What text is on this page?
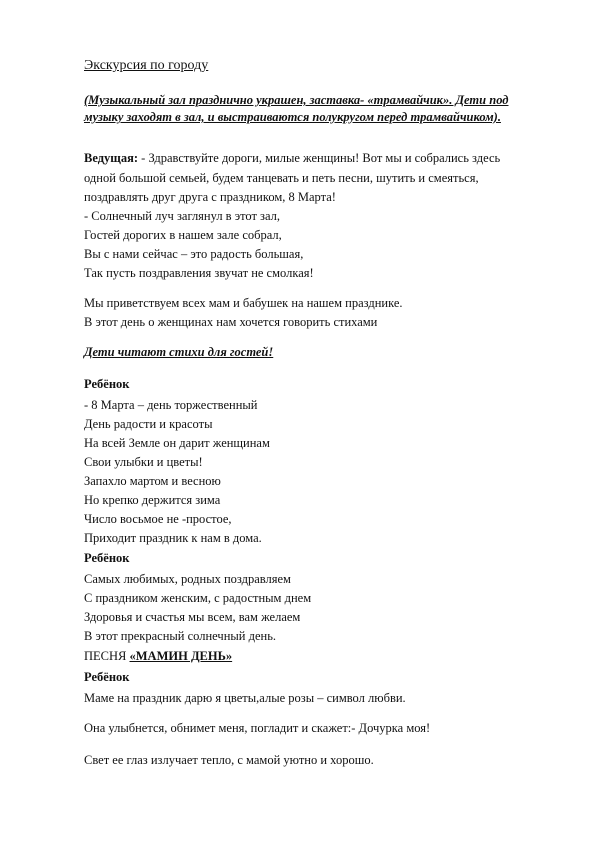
Экскурсия по городу
(Музыкальный зал празднично украшен, заставка- «трамвайчик». Дети под
музыку заходят в зал, и выстраиваются полукругом перед трамвайчиком).
Ведущая: - Здравствуйте дороги, милые женщины! Вот мы и собрались здесь
одной большой семьей, будем танцевать и петь песни, шутить и смеяться,
поздравлять друг друга с праздником, 8 Марта!
- Солнечный луч заглянул в этот зал,
Гостей дорогих в нашем зале собрал,
Вы с нами сейчас – это радость большая,
Так пусть поздравления звучат не смолкая!
Мы приветствуем всех мам и бабушек на нашем празднике.
В этот день о женщинах нам хочется говорить стихами
Дети читают стихи для гостей!
Ребёнок
- 8 Марта – день торжественный
День радости и красоты
На всей Земле он дарит женщинам
Свои улыбки и цветы!
Запахло мартом и весною
Но крепко держится зима
Число восьмое не -простое,
Приходит праздник к нам в дома.
Ребёнок
Самых любимых, родных поздравляем
С праздником женским, с радостным днем
Здоровья и счастья мы всем, вам желаем
В этот прекрасный солнечный день.
ПЕСНЯ «МАМИН ДЕНЬ»
Ребёнок
Маме на праздник дарю я цветы,алые розы – символ любви.
Она улыбнется, обнимет меня, погладит и скажет:- Дочурка моя!
Свет ее глаз излучает тепло, с мамой уютно и хорошо.
